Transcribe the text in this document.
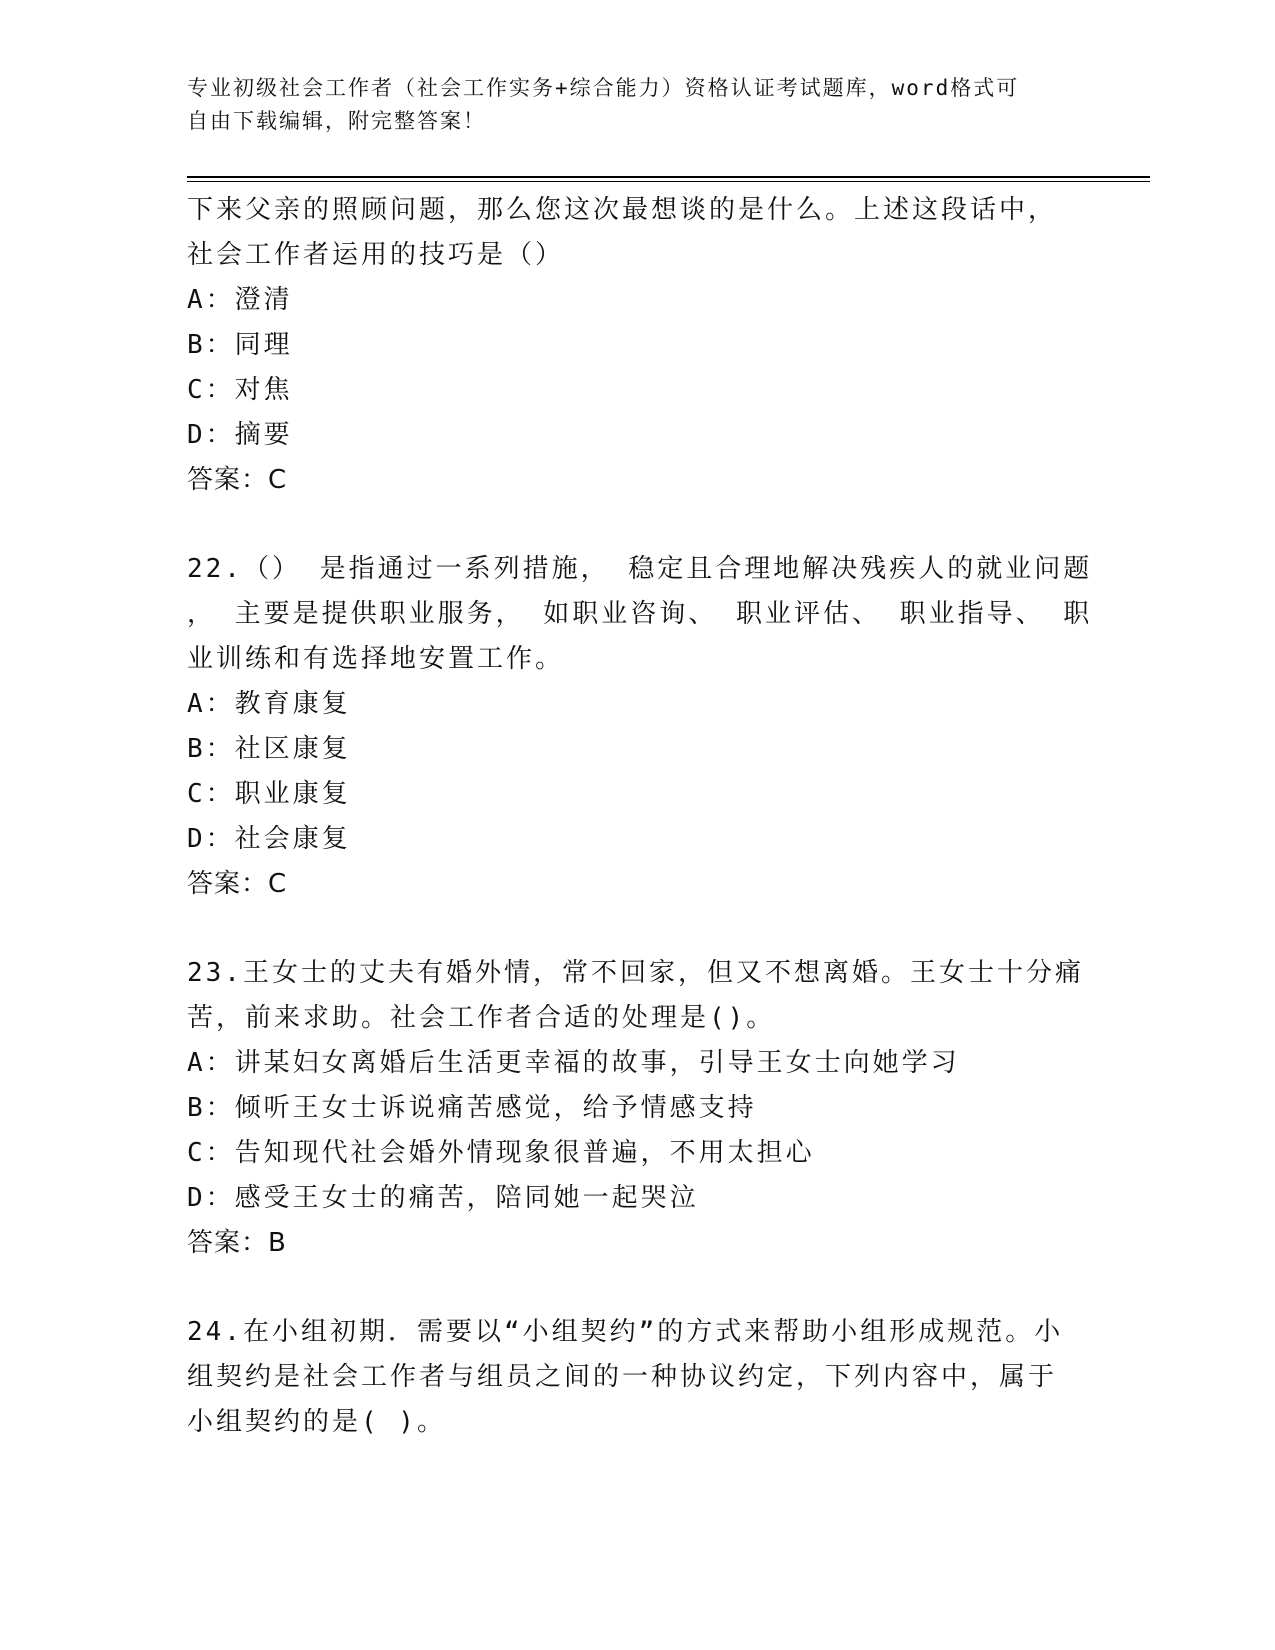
专业初级社会工作者（社会工作实务+综合能力）资格认证考试题库，word格式可
自由下载编辑，附完整答案！
下来父亲的照顾问题，那么您这次最想谈的是什么。上述这段话中，
社会工作者运用的技巧是（）
A：澄清
B：同理
C：对焦
D：摘要
答案：C
22.（） 是指通过一系列措施， 稳定且合理地解决残疾人的就业问题
， 主要是提供职业服务， 如职业咨询、 职业评估、 职业指导、 职
业训练和有选择地安置工作。
A：教育康复
B：社区康复
C：职业康复
D：社会康复
答案：C
23.王女士的丈夫有婚外情，常不回家，但又不想离婚。王女士十分痛
苦，前来求助。社会工作者合适的处理是()。
A：讲某妇女离婚后生活更幸福的故事，引导王女士向她学习
B：倾听王女士诉说痛苦感觉，给予情感支持
C：告知现代社会婚外情现象很普遍，不用太担心
D：感受王女士的痛苦，陪同她一起哭泣
答案：B
24.在小组初期．需要以“小组契约”的方式来帮助小组形成规范。小
组契约是社会工作者与组员之间的一种协议约定，下列内容中，属于
小组契约的是( )。
